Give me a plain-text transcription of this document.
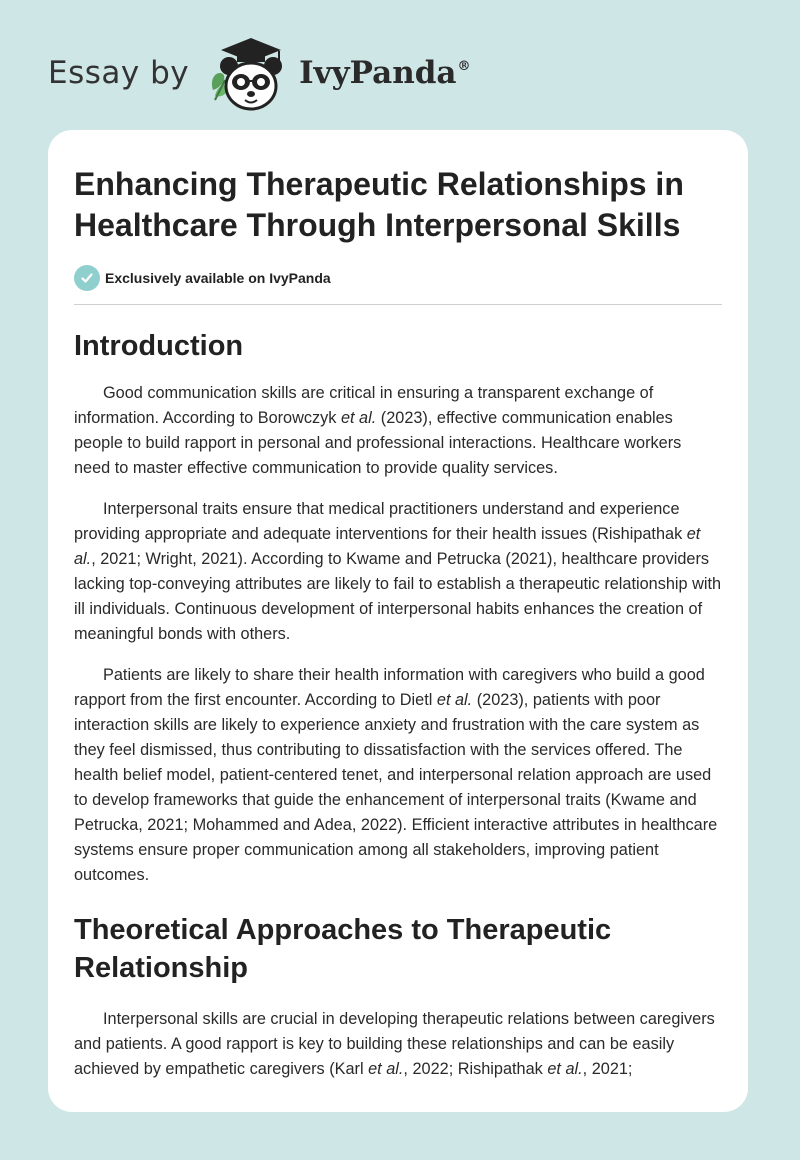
Essay by	IvyPanda®
Enhancing Therapeutic Relationships in Healthcare Through Interpersonal Skills
Exclusively available on IvyPanda
Introduction

Good communication skills are critical in ensuring a transparent exchange of information. According to Borowczyk et al. (2023), effective communication enables people to build rapport in personal and professional interactions. Healthcare workers need to master effective communication to provide quality services.

Interpersonal traits ensure that medical practitioners understand and experience providing appropriate and adequate interventions for their health issues (Rishipathak et al., 2021; Wright, 2021). According to Kwame and Petrucka (2021), healthcare providers lacking top-conveying attributes are likely to fail to establish a therapeutic relationship with ill individuals. Continuous development of interpersonal habits enhances the creation of meaningful bonds with others.

Patients are likely to share their health information with caregivers who build a good rapport from the first encounter. According to Dietl et al. (2023), patients with poor interaction skills are likely to experience anxiety and frustration with the care system as they feel dismissed, thus contributing to dissatisfaction with the services offered. The health belief model, patient-centered tenet, and interpersonal relation approach are used to develop frameworks that guide the enhancement of interpersonal traits (Kwame and Petrucka, 2021; Mohammed and Adea, 2022). Efficient interactive attributes in healthcare systems ensure proper communication among all stakeholders, improving patient outcomes.

Theoretical Approaches to Therapeutic Relationship

Interpersonal skills are crucial in developing therapeutic relations between caregivers and patients. A good rapport is key to building these relationships and can be easily achieved by empathetic caregivers (Karl et al., 2022; Rishipathak et al., 2021;
